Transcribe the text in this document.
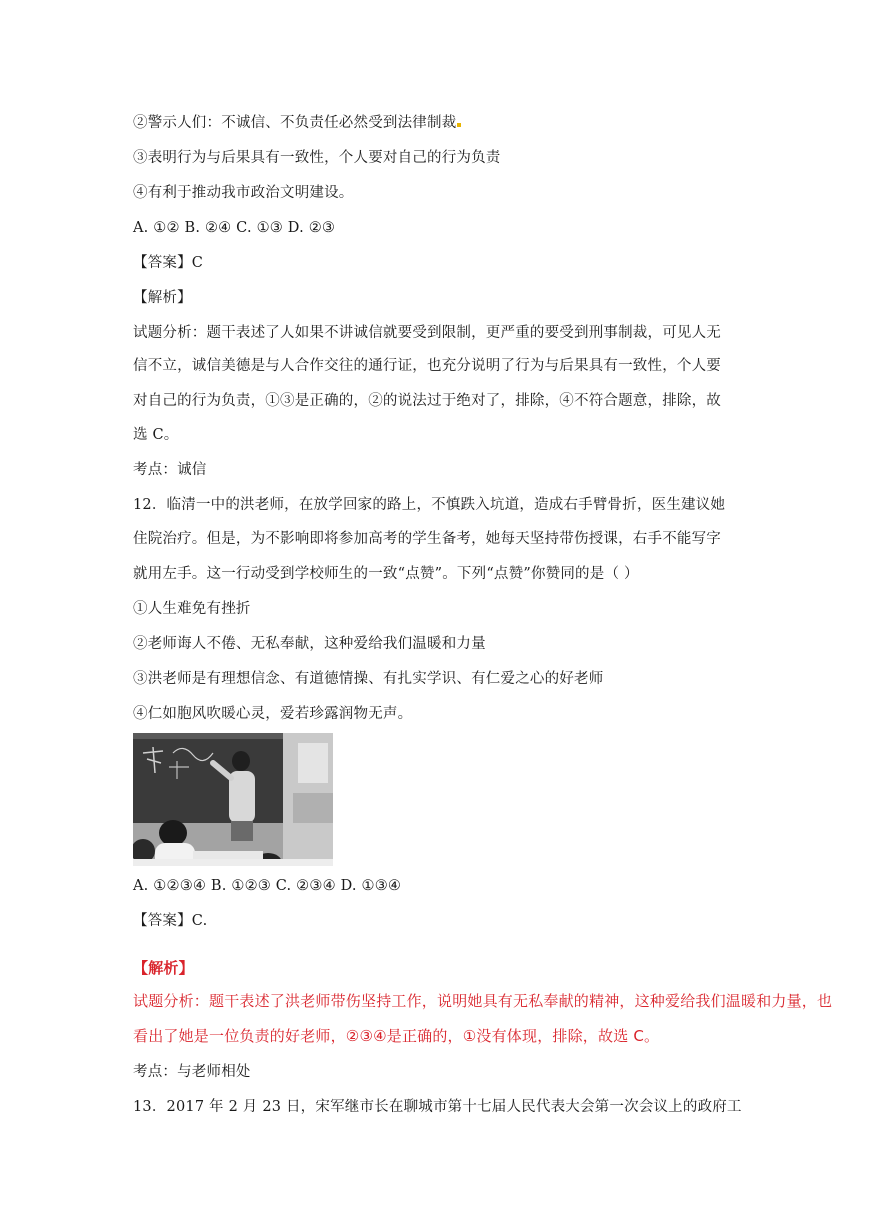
②警示人们：不诚信、不负责任必然受到法律制裁
③表明行为与后果具有一致性，个人要对自己的行为负责
④有利于推动我市政治文明建设。
A. ①② B. ②④ C. ①③ D. ②③
【答案】C
【解析】
试题分析：题干表述了人如果不讲诚信就要受到限制，更严重的要受到刑事制裁，可见人无
信不立，诚信美德是与人合作交往的通行证，也充分说明了行为与后果具有一致性，个人要
对自己的行为负责，①③是正确的，②的说法过于绝对了，排除，④不符合题意，排除，故
选 C。
考点：诚信
12．临清一中的洪老师，在放学回家的路上，不慎跌入坑道，造成右手臂骨折，医生建议她
住院治疗。但是，为不影响即将参加高考的学生备考，她每天坚持带伤授课，右手不能写字
就用左手。这一行动受到学校师生的一致“点赞”。下列“点赞”你赞同的是（ ）
①人生难免有挫折
②老师诲人不倦、无私奉献，这种爱给我们温暖和力量
③洪老师是有理想信念、有道德情操、有扎实学识、有仁爱之心的好老师
④仁如胞风吹暖心灵，爱若珍露润物无声。
A. ①②③④ B. ①②③ C. ②③④ D. ①③④
【答案】C.
【解析】
试题分析：题干表述了洪老师带伤坚持工作，说明她具有无私奉献的精神，这种爱给我们温暖和力量，也
看出了她是一位负责的好老师，②③④是正确的，①没有体现，排除，故选 C。
考点：与老师相处
13．2017 年 2 月 23 日，宋军继市长在聊城市第十七届人民代表大会第一次会议上的政府工
